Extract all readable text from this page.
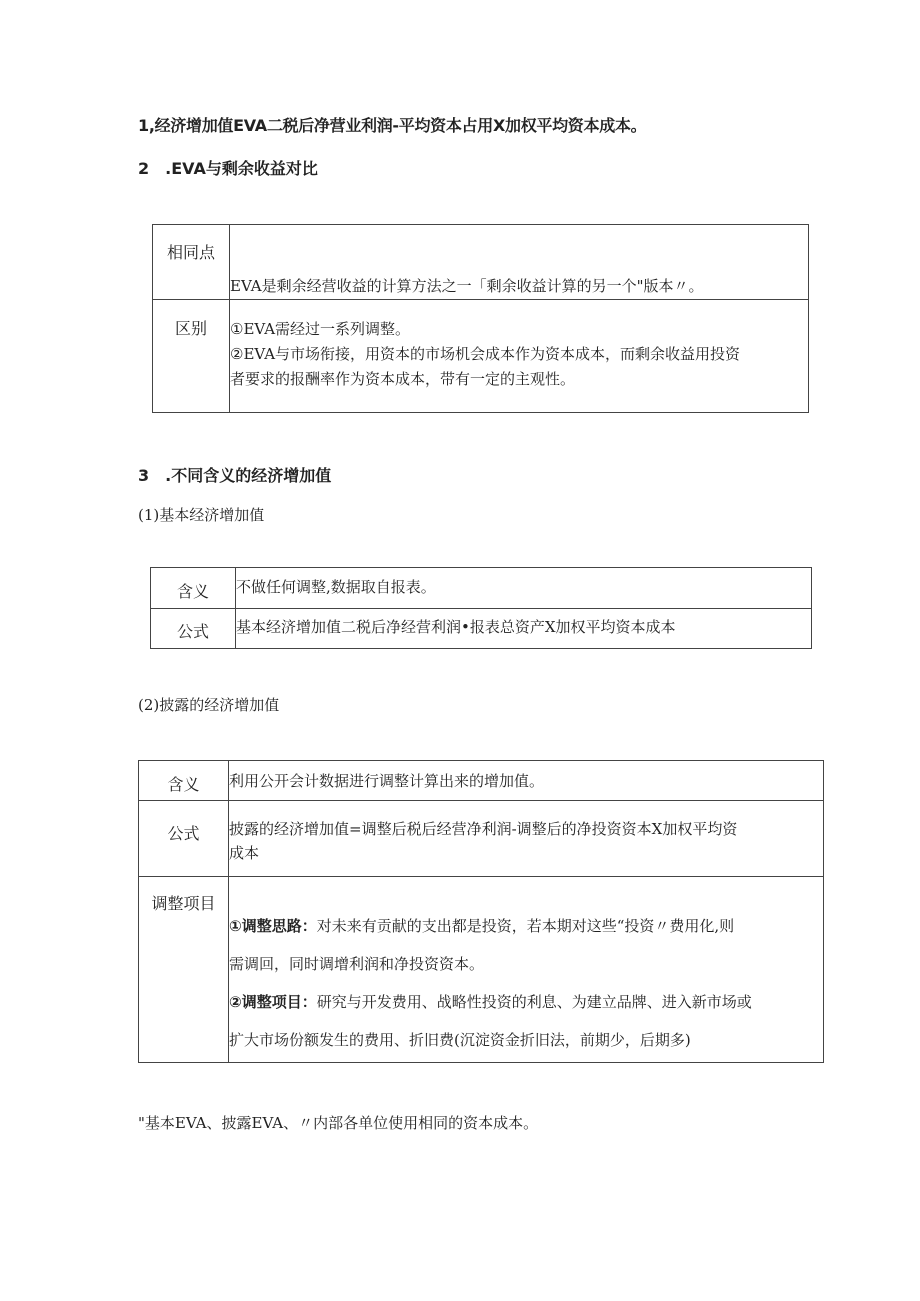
1,经济增加值EVA二税后净营业利润-平均资本占用X加权平均资本成本。
2　.EVA与剩余收益对比
相同点	EVA是剩余经营收益的计算方法之一「剩余收益计算的另一个"版本〃。
区别	①EVA需经过一系列调整。
②EVA与市场衔接，用资本的市场机会成本作为资本成本，而剩余收益用投资
者要求的报酬率作为资本成本，带有一定的主观性。
3　.不同含义的经济增加值
(1)基本经济增加值
含义	不做任何调整,数据取自报表。
公式	基本经济增加值二税后净经营利润•报表总资产X加权平均资本成本
(2)披露的经济增加值
含义	利用公开会计数据进行调整计算出来的增加值。
公式	披露的经济增加值=调整后税后经营净利润-调整后的净投资资本X加权平均资
成本

调整项目	①调整思路：对未来有贡献的支出都是投资，若本期对这些“投资〃费用化,则
需调回，同时调增利润和净投资资本。
②调整项目：研究与开发费用、战略性投资的利息、为建立品牌、进入新市场或
扩大市场份额发生的费用、折旧费(沉淀资金折旧法，前期少，后期多)
"基本EVA、披露EVA、〃内部各单位使用相同的资本成本。
